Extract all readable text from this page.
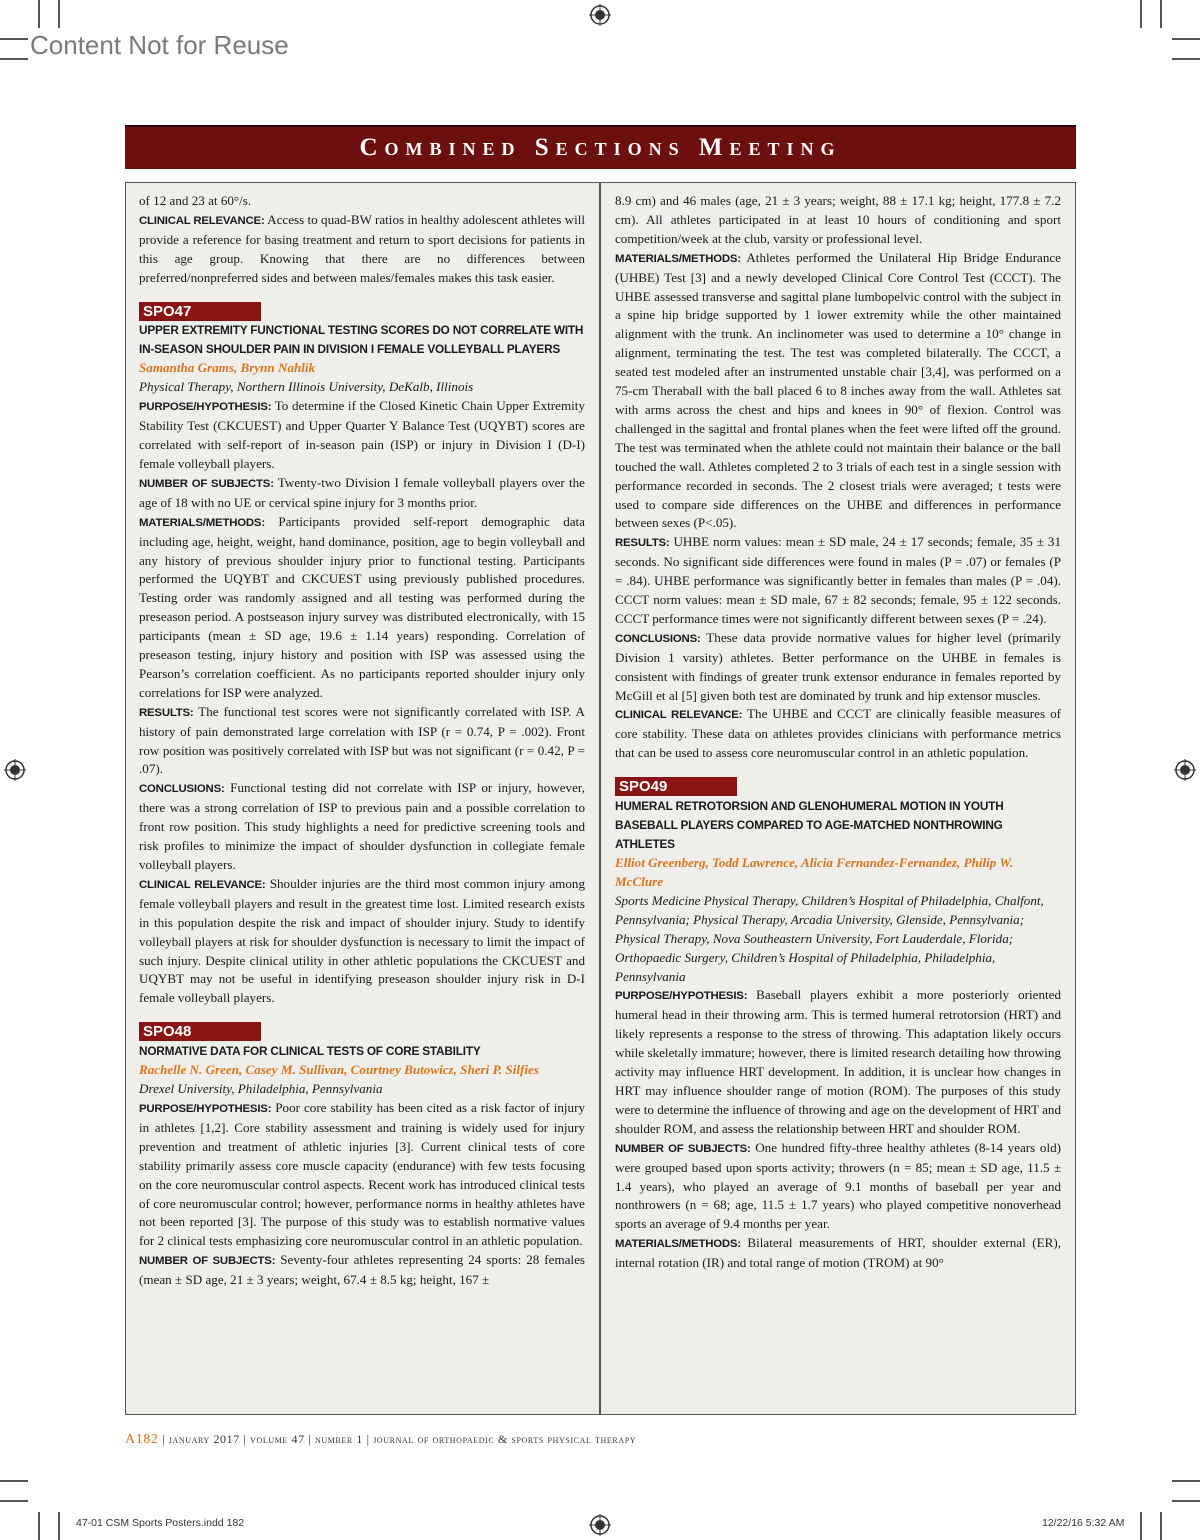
Content Not for Reuse
Combined Sections Meeting

of 12 and 23 at 60°/s.

CLINICAL RELEVANCE: Access to quad-BW ratios in healthy adolescent athletes will provide a reference for basing treatment and return to sport decisions for patients in this age group. Knowing that there are no differences between preferred/nonpreferred sides and between males/females makes this task easier.

SPO47

UPPER EXTREMITY FUNCTIONAL TESTING SCORES DO NOT CORRELATE WITH IN-SEASON SHOULDER PAIN IN DIVISION I FEMALE VOLLEYBALL PLAYERS

Samantha Grams, Brynn Nahlik

Physical Therapy, Northern Illinois University, DeKalb, Illinois

PURPOSE/HYPOTHESIS: To determine if the Closed Kinetic Chain Upper Extremity Stability Test (CKCUEST) and Upper Quarter Y Balance Test (UQYBT) scores are correlated with self-report of in-season pain (ISP) or injury in Division I (D-I) female volleyball players.

NUMBER OF SUBJECTS: Twenty-two Division I female volleyball players over the age of 18 with no UE or cervical spine injury for 3 months prior.

MATERIALS/METHODS: Participants provided self-report demographic data including age, height, weight, hand dominance, position, age to begin volleyball and any history of previous shoulder injury prior to functional testing. Participants performed the UQYBT and CKCUEST using previously published procedures. Testing order was randomly assigned and all testing was performed during the preseason period. A postseason injury survey was distributed electronically, with 15 participants (mean ± SD age, 19.6 ± 1.14 years) responding. Correlation of preseason testing, injury history and position with ISP was assessed using the Pearson’s correlation coefficient. As no participants reported shoulder injury only correlations for ISP were analyzed.

RESULTS: The functional test scores were not significantly correlated with ISP. A history of pain demonstrated large correlation with ISP (r = 0.74, P = .002). Front row position was positively correlated with ISP but was not significant (r = 0.42, P = .07).

CONCLUSIONS: Functional testing did not correlate with ISP or injury, however, there was a strong correlation of ISP to previous pain and a possible correlation to front row position. This study highlights a need for predictive screening tools and risk profiles to minimize the impact of shoulder dysfunction in collegiate female volleyball players.

CLINICAL RELEVANCE: Shoulder injuries are the third most common injury among female volleyball players and result in the greatest time lost. Limited research exists in this population despite the risk and impact of shoulder injury. Study to identify volleyball players at risk for shoulder dysfunction is necessary to limit the impact of such injury. Despite clinical utility in other athletic populations the CKCUEST and UQYBT may not be useful in identifying preseason shoulder injury risk in D-I female volleyball players.

SPO48

NORMATIVE DATA FOR CLINICAL TESTS OF CORE STABILITY

Rachelle N. Green, Casey M. Sullivan, Courtney Butowicz, Sheri P. Silfies

Drexel University, Philadelphia, Pennsylvania

PURPOSE/HYPOTHESIS: Poor core stability has been cited as a risk factor of injury in athletes [1,2]. Core stability assessment and training is widely used for injury prevention and treatment of athletic injuries [3]. Current clinical tests of core stability primarily assess core muscle capacity (endurance) with few tests focusing on the core neuromuscular control aspects. Recent work has introduced clinical tests of core neuromuscular control; however, performance norms in healthy athletes have not been reported [3]. The purpose of this study was to establish normative values for 2 clinical tests emphasizing core neuromuscular control in an athletic population.

NUMBER OF SUBJECTS: Seventy-four athletes representing 24 sports: 28 females (mean ± SD age, 21 ± 3 years; weight, 67.4 ± 8.5 kg; height, 167 ±

8.9 cm) and 46 males (age, 21 ± 3 years; weight, 88 ± 17.1 kg; height, 177.8 ± 7.2 cm). All athletes participated in at least 10 hours of conditioning and sport competition/week at the club, varsity or professional level.

MATERIALS/METHODS: Athletes performed the Unilateral Hip Bridge Endurance (UHBE) Test [3] and a newly developed Clinical Core Control Test (CCCT). The UHBE assessed transverse and sagittal plane lumbopelvic control with the subject in a spine hip bridge supported by 1 lower extremity while the other maintained alignment with the trunk. An inclinometer was used to determine a 10° change in alignment, terminating the test. The test was completed bilaterally. The CCCT, a seated test modeled after an instrumented unstable chair [3,4], was performed on a 75-cm Theraball with the ball placed 6 to 8 inches away from the wall. Athletes sat with arms across the chest and hips and knees in 90° of flexion. Control was challenged in the sagittal and frontal planes when the feet were lifted off the ground. The test was terminated when the athlete could not maintain their balance or the ball touched the wall. Athletes completed 2 to 3 trials of each test in a single session with performance recorded in seconds. The 2 closest trials were averaged; t tests were used to compare side differences on the UHBE and differences in performance between sexes (P<.05).

RESULTS: UHBE norm values: mean ± SD male, 24 ± 17 seconds; female, 35 ± 31 seconds. No significant side differences were found in males (P = .07) or females (P = .84). UHBE performance was significantly better in females than males (P = .04). CCCT norm values: mean ± SD male, 67 ± 82 seconds; female, 95 ± 122 seconds. CCCT performance times were not significantly different between sexes (P = .24).

CONCLUSIONS: These data provide normative values for higher level (primarily Division 1 varsity) athletes. Better performance on the UHBE in females is consistent with findings of greater trunk extensor endurance in females reported by McGill et al [5] given both test are dominated by trunk and hip extensor muscles.

CLINICAL RELEVANCE: The UHBE and CCCT are clinically feasible measures of core stability. These data on athletes provides clinicians with performance metrics that can be used to assess core neuromuscular control in an athletic population.

SPO49

HUMERAL RETROTORSION AND GLENOHUMERAL MOTION IN YOUTH BASEBALL PLAYERS COMPARED TO AGE-MATCHED NONTHROWING ATHLETES

Elliot Greenberg, Todd Lawrence, Alicia Fernandez-Fernandez, Philip W. McClure

Sports Medicine Physical Therapy, Children’s Hospital of Philadelphia, Chalfont, Pennsylvania; Physical Therapy, Arcadia University, Glenside, Pennsylvania; Physical Therapy, Nova Southeastern University, Fort Lauderdale, Florida; Orthopaedic Surgery, Children’s Hospital of Philadelphia, Philadelphia, Pennsylvania

PURPOSE/HYPOTHESIS: Baseball players exhibit a more posteriorly oriented humeral head in their throwing arm. This is termed humeral retrotorsion (HRT) and likely represents a response to the stress of throwing. This adaptation likely occurs while skeletally immature; however, there is limited research detailing how throwing activity may influence HRT development. In addition, it is unclear how changes in HRT may influence shoulder range of motion (ROM). The purposes of this study were to determine the influence of throwing and age on the development of HRT and shoulder ROM, and assess the relationship between HRT and shoulder ROM.

NUMBER OF SUBJECTS: One hundred fifty-three healthy athletes (8-14 years old) were grouped based upon sports activity; throwers (n = 85; mean ± SD age, 11.5 ± 1.4 years), who played an average of 9.1 months of baseball per year and nonthrowers (n = 68; age, 11.5 ± 1.7 years) who played competitive nonoverhead sports an average of 9.4 months per year.

MATERIALS/METHODS: Bilateral measurements of HRT, shoulder external (ER), internal rotation (IR) and total range of motion (TROM) at 90°

A182 | january 2017 | volume 47 | number 1 | journal of orthopaedic & sports physical therapy
47-01 CSM Sports Posters.indd 182	12/22/16 5:32 AM
